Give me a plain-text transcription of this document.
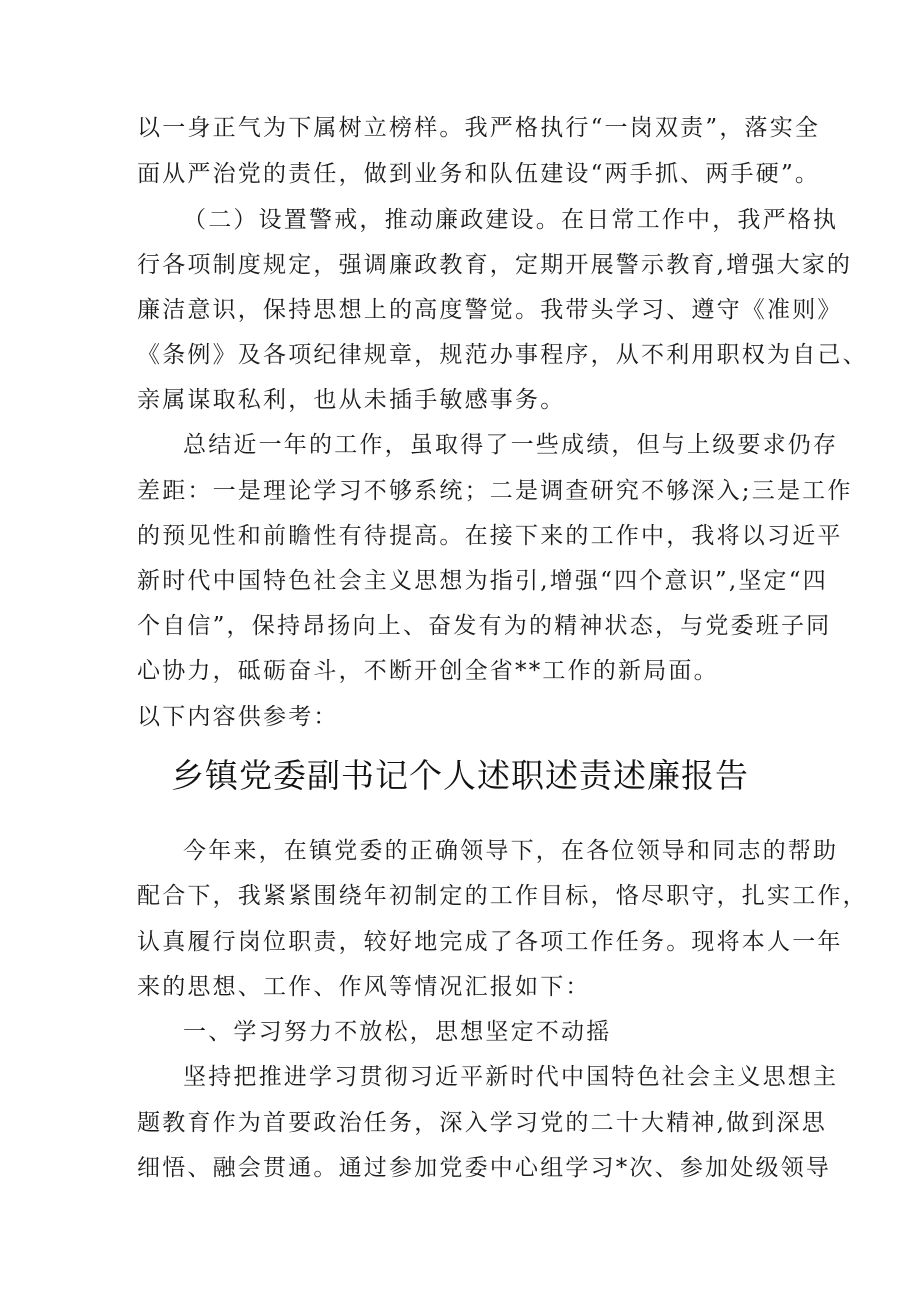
以一身正气为下属树立榜样。我严格执行“一岗双责”，落实全
面从严治党的责任，做到业务和队伍建设“两手抓、两手硬”。
（二）设置警戒，推动廉政建设。在日常工作中，我严格执
行各项制度规定，强调廉政教育，定期开展警示教育,增强大家的
廉洁意识，保持思想上的高度警觉。我带头学习、遵守《准则》
《条例》及各项纪律规章，规范办事程序，从不利用职权为自己、
亲属谋取私利，也从未插手敏感事务。
总结近一年的工作，虽取得了一些成绩，但与上级要求仍存
差距：一是理论学习不够系统；二是调查研究不够深入;三是工作
的预见性和前瞻性有待提高。在接下来的工作中，我将以习近平
新时代中国特色社会主义思想为指引,增强“四个意识”,坚定“四
个自信”，保持昂扬向上、奋发有为的精神状态，与党委班子同
心协力，砥砺奋斗，不断开创全省**工作的新局面。
以下内容供参考：
乡镇党委副书记个人述职述责述廉报告
今年来，在镇党委的正确领导下，在各位领导和同志的帮助
配合下，我紧紧围绕年初制定的工作目标，恪尽职守，扎实工作，
认真履行岗位职责，较好地完成了各项工作任务。现将本人一年
来的思想、工作、作风等情况汇报如下：
一、学习努力不放松，思想坚定不动摇
坚持把推进学习贯彻习近平新时代中国特色社会主义思想主
题教育作为首要政治任务，深入学习党的二十大精神,做到深思
细悟、融会贯通。通过参加党委中心组学习*次、参加处级领导
